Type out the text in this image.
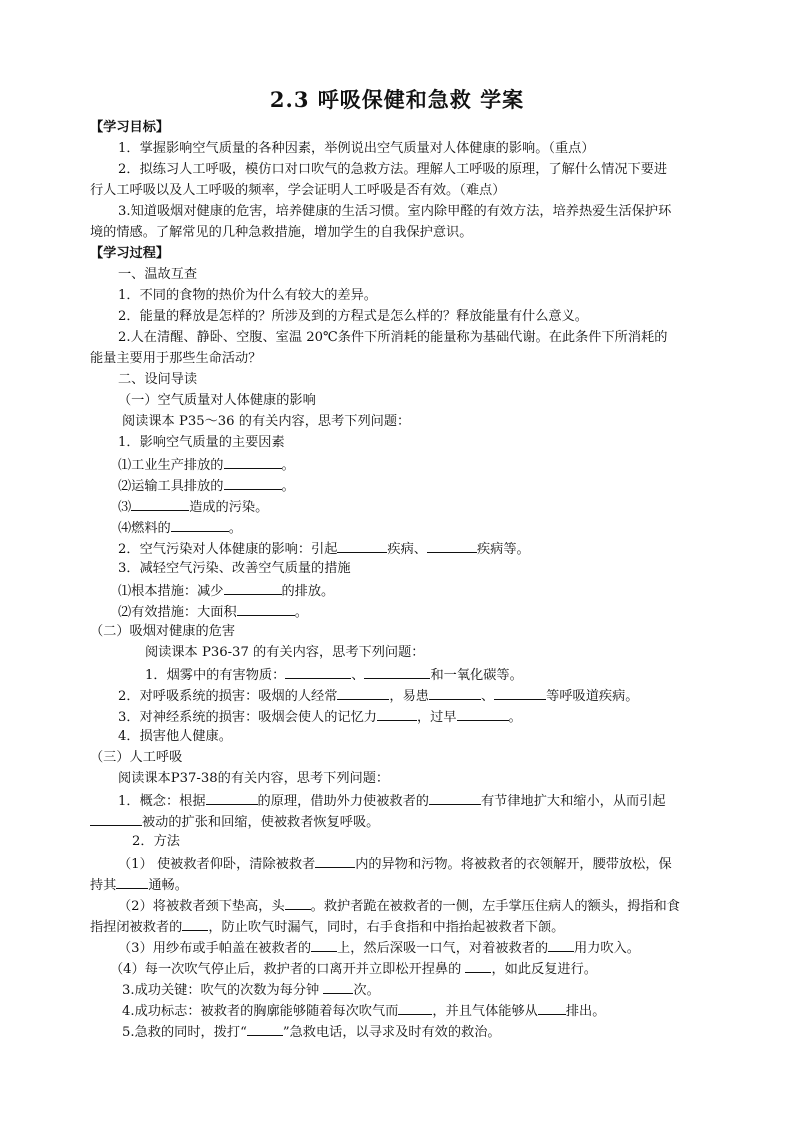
2.3 呼吸保健和急救 学案
【学习目标】
1．掌握影响空气质量的各种因素，举例说出空气质量对人体健康的影响。（重点）
2．拟练习人工呼吸，模仿口对口吹气的急救方法。理解人工呼吸的原理，了解什么情况下要进
行人工呼吸以及人工呼吸的频率，学会证明人工呼吸是否有效。（难点）
3.知道吸烟对健康的危害，培养健康的生活习惯。室内除甲醛的有效方法，培养热爱生活保护环
境的情感。了解常见的几种急救措施，增加学生的自我保护意识。
【学习过程】
一、温故互查
1．不同的食物的热价为什么有较大的差异。
2．能量的释放是怎样的？所涉及到的方程式是怎么样的？释放能量有什么意义。
2.人在清醒、静卧、空腹、室温 20℃条件下所消耗的能量称为基础代谢。在此条件下所消耗的
能量主要用于那些生命活动？
二、设问导读
（一）空气质量对人体健康的影响
阅读课本 P35～36 的有关内容，思考下列问题：
1．影响空气质量的主要因素
⑴工业生产排放的	。
⑵运输工具排放的	。
⑶	造成的污染。
⑷燃料的	。
2．空气污染对人体健康的影响：引起	疾病、	疾病等。
3．减轻空气污染、改善空气质量的措施
⑴根本措施：减少	的排放。
⑵有效措施：大面积	。
（二）吸烟对健康的危害
阅读课本 P36-37 的有关内容，思考下列问题：
1．烟雾中的有害物质：	、	和一氧化碳等。
2．对呼吸系统的损害：吸烟的人经常	，易患	、	等呼吸道疾病。
3．对神经系统的损害：吸烟会使人的记忆力	，过早	。
4．损害他人健康。
（三）人工呼吸
阅读课本P37-38的有关内容，思考下列问题：
1．概念：根据	的原理，借助外力使被救者的	有节律地扩大和缩小，从而引起
被动的扩张和回缩，使被救者恢复呼吸。
2．方法
（1） 使被救者仰卧，清除被救者	内的异物和污物。将被救者的衣领解开，腰带放松，保
持其 通畅。
（2）将被救者颈下垫高，头 。救护者跪在被救者的一侧，左手掌压住病人的额头，拇指和食
指捏闭被救者的 ，防止吹气时漏气，同时，右手食指和中指抬起被救者下颌。
（3）用纱布或手帕盖在被救者的 上，然后深吸一口气，对着被救者的 用力吹入。
（4）每一次吹气停止后，救护者的口离开并立即松开捏鼻的 ，如此反复进行。
3.成功关键：吹气的次数为每分钟 次。
4.成功标志：被救者的胸廓能够随着每次吹气而	，并且气体能够从 排出。
5.急救的同时，拨打“	”急救电话，以寻求及时有效的救治。
